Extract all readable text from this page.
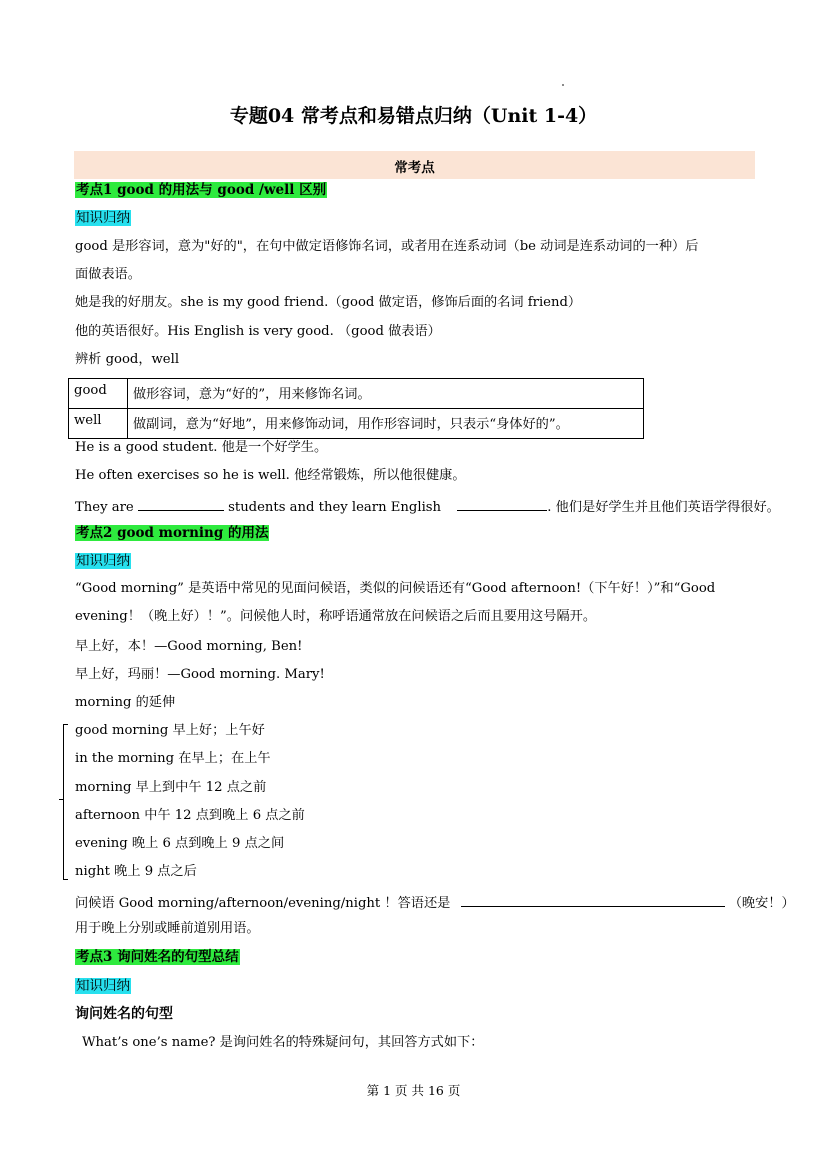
专题04 常考点和易错点归纳（Unit 1-4）
常考点
考点1 good 的用法与 good /well 区别
知识归纳
good 是形容词，意为"好的"，在句中做定语修饰名词，或者用在连系动词（be 动词是连系动词的一种）后
面做表语。
她是我的好朋友。she is my good friend.（good 做定语，修饰后面的名词 friend）
他的英语很好。His English is very good. （good 做表语）
辨析 good，well
good	做形容词，意为“好的”，用来修饰名词。
well	做副词，意为“好地”，用来修饰动词，用作形容词时，只表示“身体好的”。
He is a good student. 他是一个好学生。
He often exercises so he is well. 他经常锻炼，所以他很健康。
They are	students and they learn English	. 他们是好学生并且他们英语学得很好。
考点2 good morning 的用法
知识归纳
“Good morning” 是英语中常见的见面问候语，类似的问候语还有“Good afternoon!（下午好！）”和“Good
evening！（晚上好）！”。问候他人时，称呼语通常放在问候语之后而且要用这号隔开。
早上好，本！—Good morning, Ben!
早上好，玛丽！—Good morning. Mary!
morning 的延伸
good morning 早上好；上午好
in the morning 在早上；在上午
morning 早上到中午 12 点之前
afternoon 中午 12 点到晚上 6 点之前
evening 晚上 6 点到晚上 9 点之间
night 晚上 9 点之后
问候语 Good morning/afternoon/evening/night ！答语还是	（晚安！）
用于晚上分别或睡前道别用语。
考点3 询问姓名的句型总结
知识归纳
询问姓名的句型
What’s one’s name? 是询问姓名的特殊疑问句，其回答方式如下：
第 1 页 共 16 页
